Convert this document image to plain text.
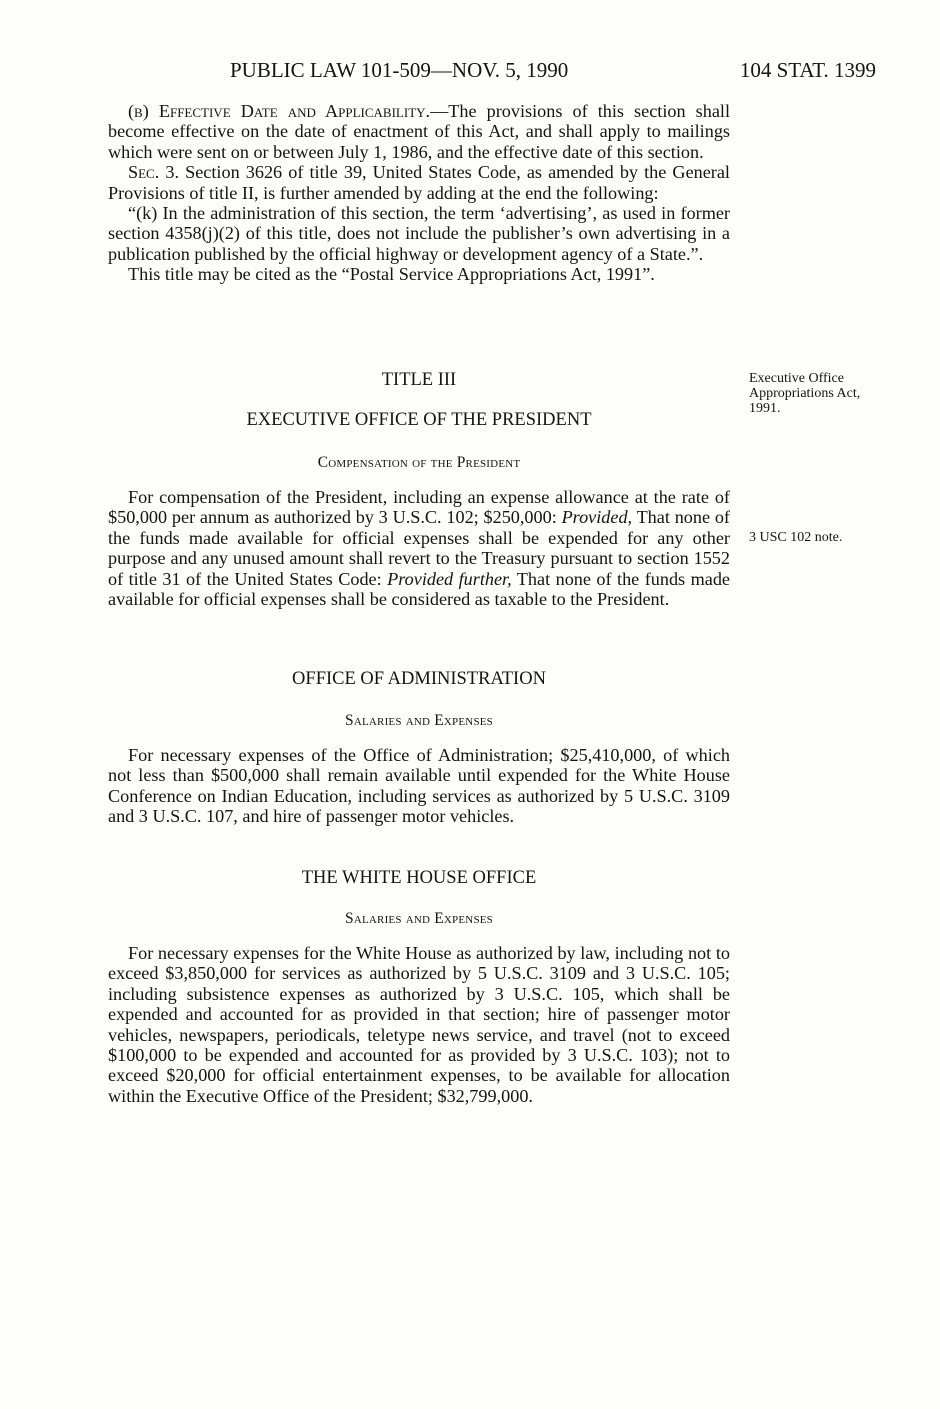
PUBLIC LAW 101-509—NOV. 5, 1990	104 STAT. 1399

(b) Effective Date and Applicability.—The provisions of this section shall become effective on the date of enactment of this Act, and shall apply to mailings which were sent on or between July 1, 1986, and the effective date of this section.

Sec. 3. Section 3626 of title 39, United States Code, as amended by the General Provisions of title II, is further amended by adding at the end the following:

“(k) In the administration of this section, the term ‘advertising’, as used in former section 4358(j)(2) of this title, does not include the publisher’s own advertising in a publication published by the official highway or development agency of a State.”.

This title may be cited as the “Postal Service Appropriations Act, 1991”.

TITLE III
EXECUTIVE OFFICE OF THE PRESIDENT
Executive Office Appropriations Act, 1991.
Compensation of the President

For compensation of the President, including an expense allowance at the rate of $50,000 per annum as authorized by 3 U.S.C. 102; $250,000: Provided, That none of the funds made available for official expenses shall be expended for any other purpose and any unused amount shall revert to the Treasury pursuant to section 1552 of title 31 of the United States Code: Provided further, That none of the funds made available for official expenses shall be considered as taxable to the President.

3 USC 102 note.
OFFICE OF ADMINISTRATION
Salaries and Expenses

For necessary expenses of the Office of Administration; $25,410,000, of which not less than $500,000 shall remain available until expended for the White House Conference on Indian Education, including services as authorized by 5 U.S.C. 3109 and 3 U.S.C. 107, and hire of passenger motor vehicles.

THE WHITE HOUSE OFFICE
Salaries and Expenses

For necessary expenses for the White House as authorized by law, including not to exceed $3,850,000 for services as authorized by 5 U.S.C. 3109 and 3 U.S.C. 105; including subsistence expenses as authorized by 3 U.S.C. 105, which shall be expended and accounted for as provided in that section; hire of passenger motor vehicles, newspapers, periodicals, teletype news service, and travel (not to exceed $100,000 to be expended and accounted for as provided by 3 U.S.C. 103); not to exceed $20,000 for official entertainment expenses, to be available for allocation within the Executive Office of the President; $32,799,000.
